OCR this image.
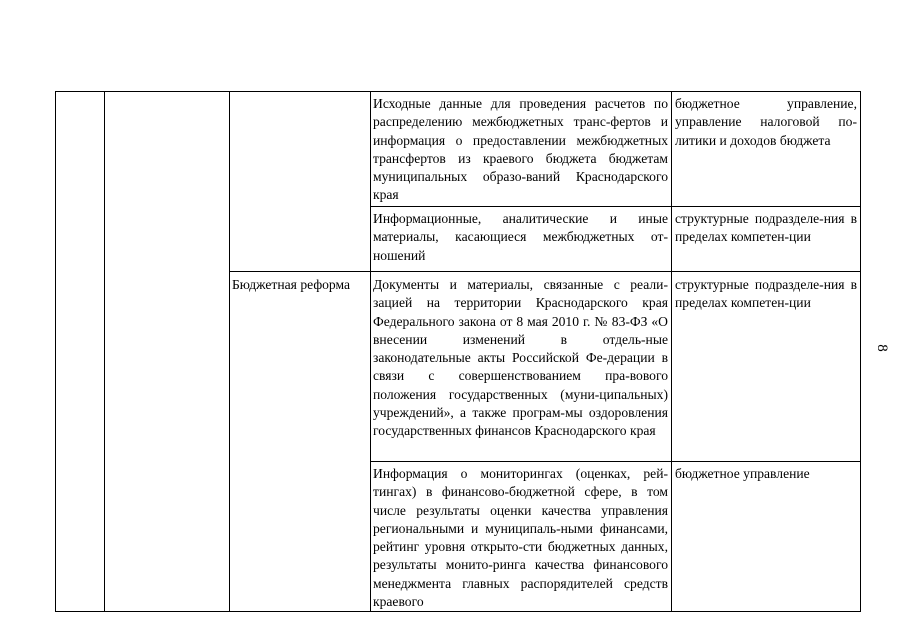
Исходные данные для проведения расчетов по распределению межбюджетных транс-фертов и информация о предоставлении межбюджетных трансфертов из краевого бюджета бюджетам муниципальных образо-ваний Краснодарского края
бюджетное управление, управление налоговой по-литики и доходов бюджета
Информационные, аналитические и иные материалы, касающиеся межбюджетных от-ношений
структурные подразделе-ния в пределах компетен-ции
Бюджетная реформа	Документы и материалы, связанные с реали-зацией на территории Краснодарского края Федерального закона от 8 мая 2010 г. № 83-ФЗ «О внесении изменений в отдель-ные законодательные акты Российской Фе-дерации в связи с совершенствованием пра-вового положения государственных (муни-ципальных) учреждений», а также програм-мы оздоровления государственных финансов Краснодарского края
структурные подразделе-ния в пределах компетен-ции
Информация о мониторингах (оценках, рей-тингах) в финансово-бюджетной сфере, в том числе результаты оценки качества управления региональными и муниципаль-ными финансами, рейтинг уровня открыто-сти бюджетных данных, результаты монито-ринга качества финансового менеджмента главных распорядителей средств краевого
бюджетное управление
8
